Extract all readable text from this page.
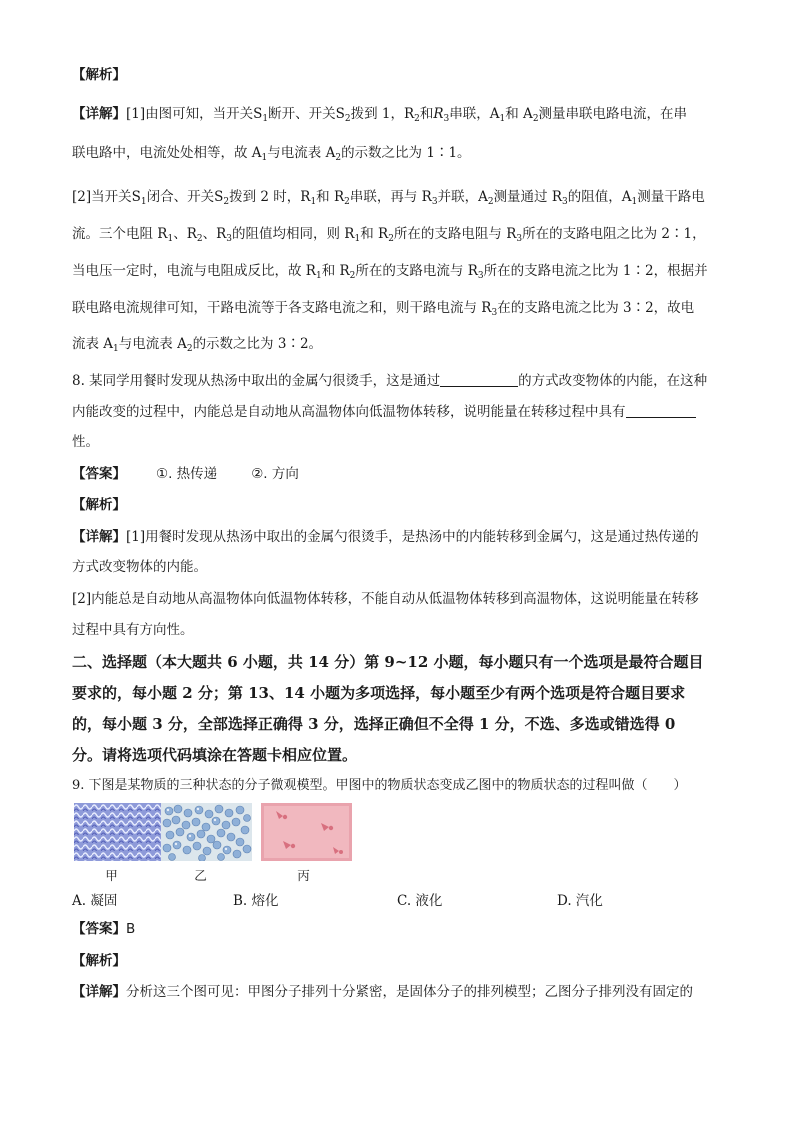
【解析】
【详解】[1]由图可知，当开关$S_1$断开、开关$S_2$拨到 1，$R_2$和$R_3$串联，$A_1$和 $A_2$测量串联电路电流，在串
联电路中，电流处处相等，故 $A_1$与电流表 $A_2$的示数之比为 1∶1。
[2]当开关$S_1$闭合、开关$S_2$拨到 2 时，$R_1$和 $R_2$串联，再与 $R_3$并联，$A_2$测量通过 $R_3$的阻值，$A_1$测量干路电
流。三个电阻 $R_1$、$R_2$、$R_3$的阻值均相同，则 $R_1$和 $R_2$所在的支路电阻与 $R_3$所在的支路电阻之比为 2∶1，
当电压一定时，电流与电阻成反比，故 $R_1$和 $R_2$所在的支路电流与 $R_3$所在的支路电流之比为 1∶2，根据并
联电路电流规律可知，干路电流等于各支路电流之和，则干路电流与 $R_3$在的支路电流之比为 3∶2，故电
流表 $A_1$与电流表 $A_2$的示数之比为 3∶2。
8. 某同学用餐时发现从热汤中取出的金属勺很烫手，这是通过	的方式改变物体的内能，在这种
内能改变的过程中，内能总是自动地从高温物体向低温物体转移，说明能量在转移过程中具有
性。
【答案】 ①. 热传递	②. 方向
【解析】
【详解】[1]用餐时发现从热汤中取出的金属勺很烫手，是热汤中的内能转移到金属勺，这是通过热传递的
方式改变物体的内能。
[2]内能总是自动地从高温物体向低温物体转移，不能自动从低温物体转移到高温物体，这说明能量在转移
过程中具有方向性。
二、选择题（本大题共 6 小题，共 14 分）第 9~12 小题，每小题只有一个选项是最符合题目
要求的，每小题 2 分；第 13、14 小题为多项选择，每小题至少有两个选项是符合题目要求
的，每小题 3 分，全部选择正确得 3 分，选择正确但不全得 1 分，不选、多选或错选得 0
分。请将选项代码填涂在答题卡相应位置。
9. 下图是某物质的三种状态的分子微观模型。甲图中的物质状态变成乙图中的物质状态的过程叫做（　　）
甲	乙	丙
A. 凝固	B. 熔化	C. 液化	D. 汽化
【答案】B
【解析】
【详解】分析这三个图可见：甲图分子排列十分紧密，是固体分子的排列模型；乙图分子排列没有固定的
